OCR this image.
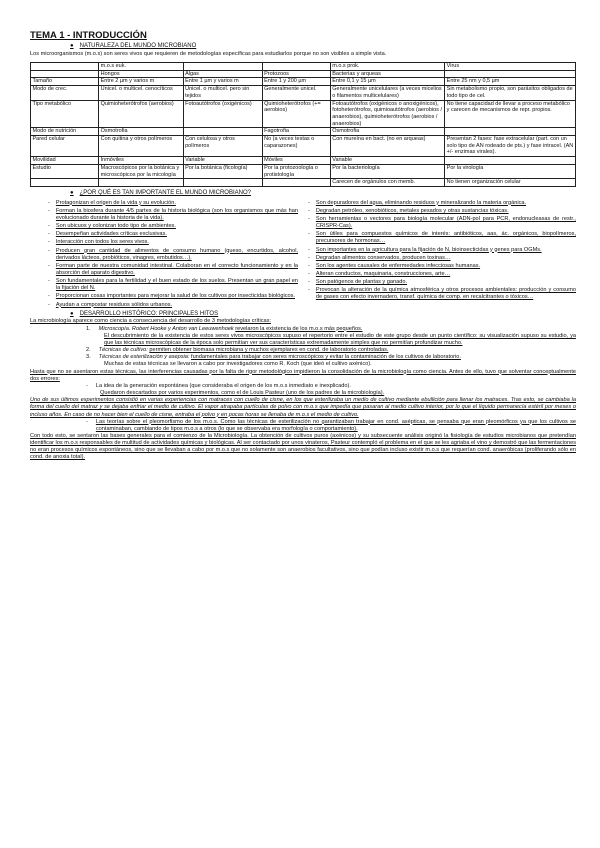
TEMA 1 - INTRODUCCIÓN
● NATURALEZA DEL MUNDO MICROBIANO

Los microorganismos (m.o.s) son seres vivos que requieren de metodologías específicas para estudiarlos porque no son visibles a simple vista.

	m.o.s euk.			m.o.s prok.	Virus
	Hongos	Algas	Protozoos	Bacterias y arqueas	
Tamaño	Entre 2 µm y varios m	Entre 1 µm y varios m	Entre 1 y 200 µm	Entre 0,1 y 15 µm	Entre 25 nm y 0,5 µm
Modo de crec.	Unicel. o multicel. cenocíticos	Unicel. o multicel. pero sin tejidos	Generalmente unicel.	Generalmente unicelulares (a veces micelios o filamentos multicelulares)	Sin metabolismo propio, son parásitos obligados de todo tipo de cel.
Tipo metabólico	Quimioheterótrofos (aerobios)	Fotoautótrofos (oxigénicos)	Quimioheterótrofos (+= aerobios)	Fotoautótrofos (oxigénicos o anoxigénicos), fotoheterótrofos, quimioautótrofos (aerobios / anaerobios), quimioheterótrofos (aerobios / anaerobios)	No tiene capacidad de llevar a proceso metabólico y carecen de mecanismos de repr. propios.
Modo de nutrición	Osmotrofia		Fagotrofia	Osmotrofia	
Pared celular	Con quitina y otros polímeros	Con celulosa y otros polímeros	No (a veces testas o caparazones)	Con mureína en bact. (no en arqueas)	Presentan 2 fases: fase extracelular (part. con un solo tipo de AN rodeado de pts.) y fase intracel. (AN +/- enzimas virales).
Movilidad	Inmóviles	Variable	Móviles	Variable	
Estudio	Macroscópicos por la botánica y microscópicos por la micología	Por la botánica (ficología)	Por la protozoología o protistología	Por la bacteriología	Por la virología
				Carecen de orgánulos con memb.	No tienen organización celular
● ¿POR QUÉ ES TAN IMPORTANTE EL MUNDO MICROBIANO?
- Protagonizan el origen de la vida y su evolución.
- Forman la biosfera durante 4/5 partes de la historia biológica (son los organismos que más han evolucionado durante la historia de la vida).
- Son ubicuos y colonizan todo tipo de ambientes.
- Desempeñan actividades críticas exclusivas.
- Interacción con todos los seres vivos.
- Producen gran cantidad de alimentos de consumo humano (queso, encurtidos, alcohol, derivados lácteos, probióticos, vinagres, embutidos…).
- Forman parte de nuestra comunidad intestinal. Colaboran en el correcto funcionamiento y en la absorción del aparato digestivo.
- Son fundamentales para la fertilidad y el buen estado de los suelos. Presentan un gran papel en la fijación del N.
- Proporcionan cosas importantes para mejorar la salud de los cultivos por insecticidas biológicos.
- Ayudan a compostar residuos sólidos urbanos.
- Son depuradores del agua, eliminando residuos y mineralizando la materia orgánica.
- Degradan petróleo, xenobióticos, metales pesados y otras sustancias tóxicas.
- Son herramientas o vectores para biología molecular (ADN-pol para PCR, endonucleasas de restr., CRISPR-Cas).
- Son útiles para compuestos químicos de interés: antibióticos, aas, ác. orgánicos, biopolímeros, precursores de hormonas…
- Son importantes en la agricultura para la fijación de N, bioinsecticidas y genes para OGMs.
- Degradan alimentos conservados, producen toxinas…
- Son los agentes causales de enfermedades infecciosas humanas.
- Alteran conductos, maquinaria, construcciones, arte…
- Son patógenos de plantas y ganado.
- Provocan la alteración de la química atmosférica y otros procesos ambientales: producción y consumo de gases con efecto invernadero, transf. química de comp. en recalcitrantes o tóxicos…
● DESARROLLO HISTÓRICO: PRINCIPALES HITOS

La microbiología aparece como ciencia a consecuencia del desarrollo de 3 metodologías críticas:

1. Microscopía. Robert Hooke y Anton van Leeuwenhoek revelaron la existencia de los m.o.s más pequeños.

El descubrimiento de la existencia de estos seres vivos microscópicos supuso el repertorio entre el estudio de este grupo desde un punto científico: su visualización supuso su estudio, ya que las técnicas microscópicas de la época solo permitían ver sus características extremadamente simples que no permitían profundizar mucho.

2. Técnicas de cultivo: permiten obtener biomasa microbiana y muchos ejemplares en cond. de laboratorio controladas.
3. Técnicas de esterilización y asepsia: fundamentales para trabajar con seres microscópicos y evitar la contaminación de los cultivos de laboratorio.

Muchas de estas técnicas se llevaron a cabo por investigadores como R. Koch (que ideó el cultivo axénico).

Hasta que no se asentaron estas técnicas, las interferencias causadas por la falta de rigor metodológico impidieron la consolidación de la microbiología como ciencia. Antes de ello, tuvo que solventar conceptualmente dos errores:

- La idea de la generación espontánea (que consideraba el origen de los m.o.s inmediato e inexplicado).

Quedaron descartados por varios experimentos, como el de Louis Pasteur (uno de los padres de la microbiología).

Uno de sus últimos experimentos consistió en varias experiencias con matraces con cuello de cisne, en los que esterilizaba un medio de cultivo mediante ebullición para llenar los matraces. Tras esto, se cambiaba la forma del cuello del matraz y se dejaba enfriar el medio de cultivo. El vapor atrapaba partículas de polvo con m.o.s que impedía que pasaran al medio cultivo interior, por lo que el líquido permanecía estéril por meses o incluso años. En caso de no hacer bien el cuello de cisne, entraba el polvo y en pocas horas se llenaba de m.o.s el medio de cultivo.

- Las teorías sobre el pleomorfismo de los m.o.s. Como las técnicas de esterilización no garantizaban trabajar en cond. asépticas, se pensaba que eran pleomórficos ya que los cultivos se contaminaban, cambiando de tipos m.o.s a otros (lo que se observaba era morfología o comportamiento).

Con todo esto, se sentaron las bases generales para el comienzo de la Microbiología. La obtención de cultivos puros (axénicos) y su subsecuente análisis originó la fisiología de estudios microbianos que pretendían identificar los m.o.s responsables de multitud de actividades químicas y biológicas. Al ser contactado por unos vinateros, Pasteur contempló el problema en el que se les agriaba el vino y demostró que las fermentaciones no eran procesos químicos espontáneos, sino que se llevaban a cabo por m.o.s que no solamente son anaerobios facultativos, sino que podían incluso existir m.o.s que requerían cond. anaeróbicas (proliferando sólo en cond. de anoxia total).
